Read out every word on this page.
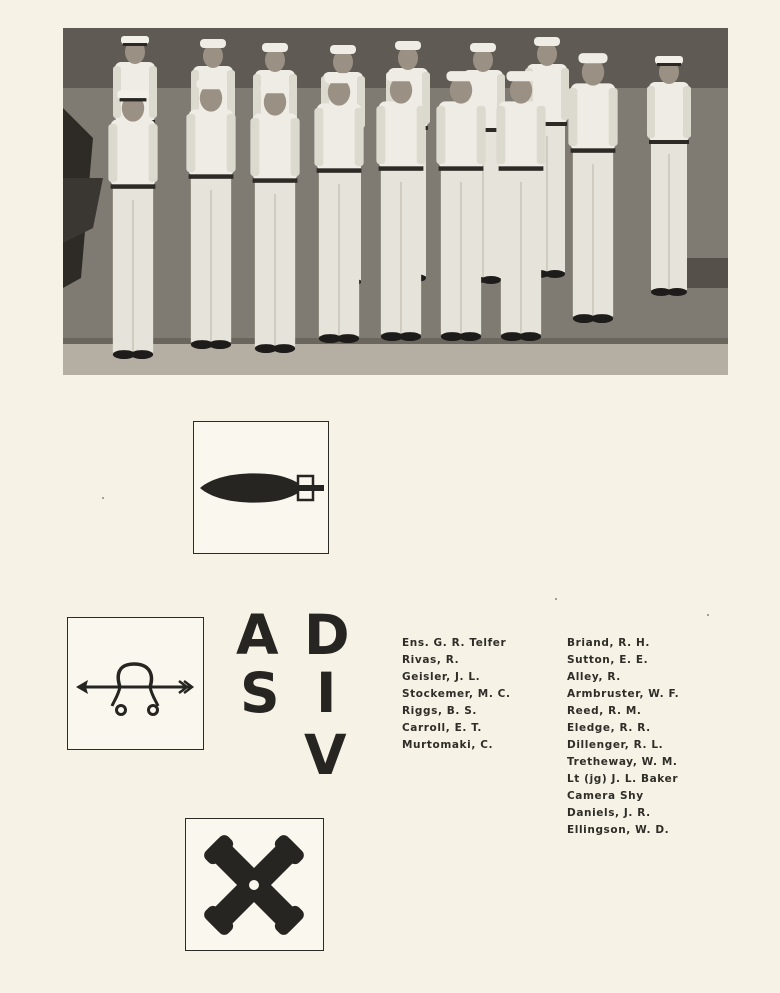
A D
S I
V
Ens. G. R. Telfer
Rivas, R.
Geisler, J. L.
Stockemer, M. C.
Riggs, B. S.
Carroll, E. T.
Murtomaki, C.
Briand, R. H.
Sutton, E. E.
Alley, R.
Armbruster, W. F.
Reed, R. M.
Eledge, R. R.
Dillenger, R. L.
Tretheway, W. M.
Lt (jg) J. L. Baker
Camera Shy
Daniels, J. R.
Ellingson, W. D.
